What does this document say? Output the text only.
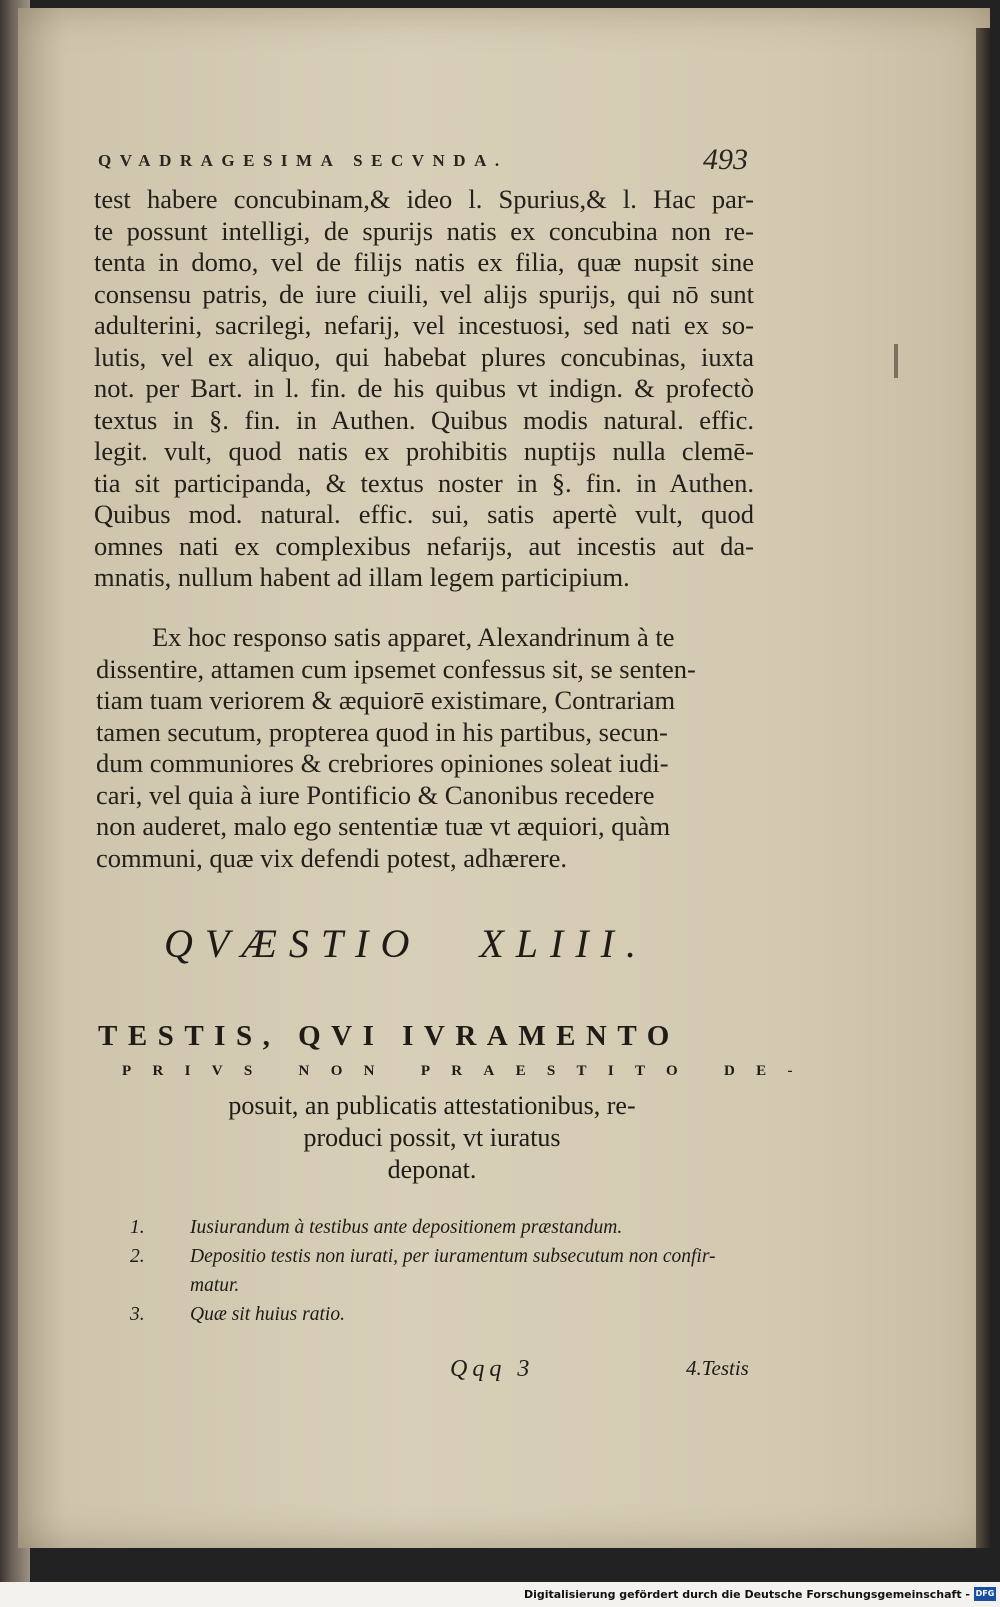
QVADRAGESIMA SECVNDA.	493
test habere concubinam,& ideo l. Spurius,& l. Hac par-
te possunt intelligi, de spurijs natis ex concubina non re-
tenta in domo, vel de filijs natis ex filia, quæ nupsit sine
consensu patris, de iure ciuili, vel alijs spurijs, qui nō sunt
adulterini, sacrilegi, nefarij, vel incestuosi, sed nati ex so-
lutis, vel ex aliquo, qui habebat plures concubinas, iuxta
not. per Bart. in l. fin. de his quibus vt indign. & profectò
textus in §. fin. in Authen. Quibus modis natural. effic.
legit. vult, quod natis ex prohibitis nuptijs nulla clemē-
tia sit participanda, & textus noster in §. fin. in Authen.
Quibus mod. natural. effic. sui, satis apertè vult, quod
omnes nati ex complexibus nefarijs, aut incestis aut da-
mnatis, nullum habent ad illam legem participium.
Ex hoc responso satis apparet, Alexandrinum à te
dissentire, attamen cum ipsemet confessus sit, se senten-
tiam tuam veriorem & æquiorē existimare, Contrariam
tamen secutum, propterea quod in his partibus, secun-
dum communiores & crebriores opiniones soleat iudi-
cari, vel quia à iure Pontificio & Canonibus recedere
non auderet, malo ego sententiæ tuæ vt æquiori, quàm
communi, quæ vix defendi potest, adhærere.
QVÆSTIO XLIII.
TESTIS, QVI IVRAMENTO
PRIVS NON PRAESTITO DE-
posuit, an publicatis attestationibus, re-
produci possit, vt iuratus
deponat.
1. Iusiurandum à testibus ante depositionem præstandum.
2. Depositio testis non iurati, per iuramentum subsecutum non confir-
matur.
3. Quæ sit huius ratio.
Qqq 3	4.Testis
Digitalisierung gefördert durch die Deutsche Forschungsgemeinschaft - DFG
